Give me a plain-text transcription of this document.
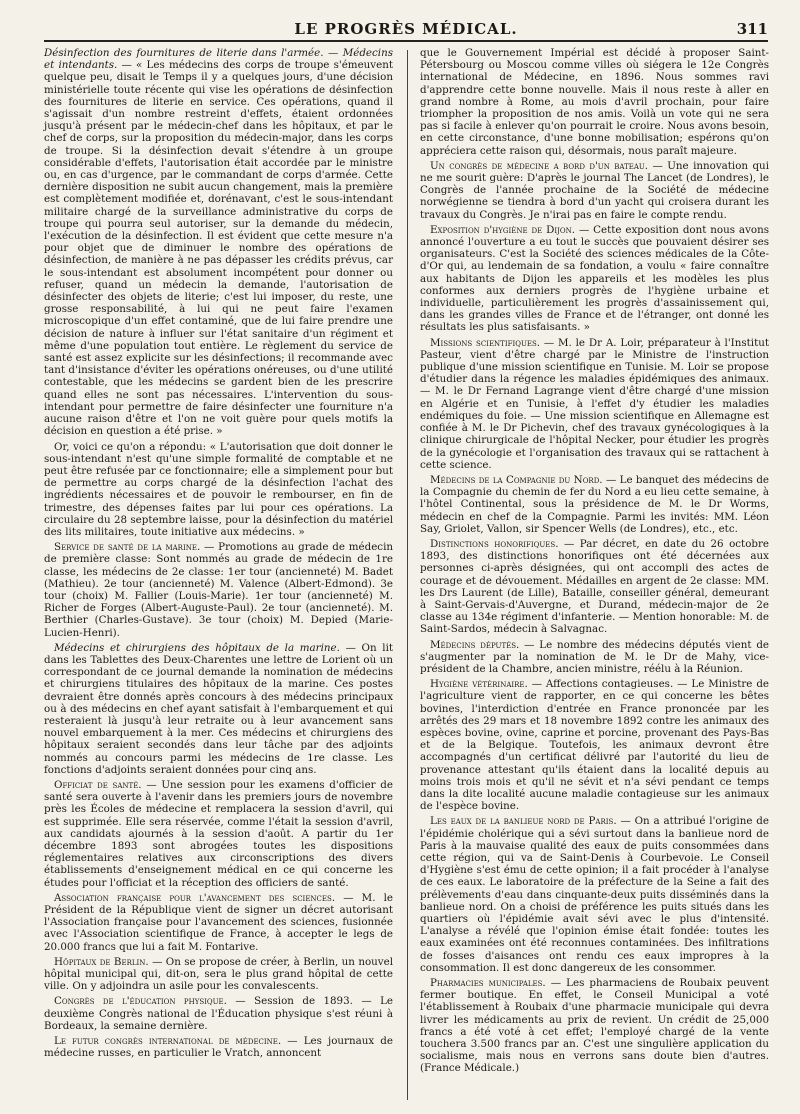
LE PROGRÈS MÉDICAL.	311

Désinfection des fournitures de literie dans l'armée. — Médecins et intendants. — « Les médecins des corps de troupe s'émeuvent quelque peu, disait le Temps il y a quelques jours, d'une décision ministérielle toute récente qui vise les opérations de désinfection des fournitures de literie en service. Ces opérations, quand il s'agissait d'un nombre restreint d'effets, étaient ordonnées jusqu'à présent par le médecin-chef dans les hôpitaux, et par le chef de corps, sur la proposition du médecin-major, dans les corps de troupe. Si la désinfection devait s'étendre à un groupe considérable d'effets, l'autorisation était accordée par le ministre ou, en cas d'urgence, par le commandant de corps d'armée. Cette dernière disposition ne subit aucun changement, mais la première est complètement modifiée et, dorénavant, c'est le sous-intendant militaire chargé de la surveillance administrative du corps de troupe qui pourra seul autoriser, sur la demande du médecin, l'exécution de la désinfection. Il est évident que cette mesure n'a pour objet que de diminuer le nombre des opérations de désinfection, de manière à ne pas dépasser les crédits prévus, car le sous-intendant est absolument incompétent pour donner ou refuser, quand un médecin la demande, l'autorisation de désinfecter des objets de literie; c'est lui imposer, du reste, une grosse responsabilité, à lui qui ne peut faire l'examen microscopique d'un effet contaminé, que de lui faire prendre une décision de nature à influer sur l'état sanitaire d'un régiment et même d'une population tout entière. Le règlement du service de santé est assez explicite sur les désinfections; il recommande avec tant d'insistance d'éviter les opérations onéreuses, ou d'une utilité contestable, que les médecins se gardent bien de les prescrire quand elles ne sont pas nécessaires. L'intervention du sous-intendant pour permettre de faire désinfecter une fourniture n'a aucune raison d'être et l'on ne voit guère pour quels motifs la décision en question a été prise. »

Or, voici ce qu'on a répondu: « L'autorisation que doit donner le sous-intendant n'est qu'une simple formalité de comptable et ne peut être refusée par ce fonctionnaire; elle a simplement pour but de permettre au corps chargé de la désinfection l'achat des ingrédients nécessaires et de pouvoir le rembourser, en fin de trimestre, des dépenses faites par lui pour ces opérations. La circulaire du 28 septembre laisse, pour la désinfection du matériel des lits militaires, toute initiative aux médecins. »

Service de santé de la marine. — Promotions au grade de médecin de première classe: Sont nommés au grade de médecin de 1re classe, les médecins de 2e classe: 1er tour (ancienneté) M. Badet (Mathieu). 2e tour (ancienneté) M. Valence (Albert-Edmond). 3e tour (choix) M. Fallier (Louis-Marie). 1er tour (ancienneté) M. Richer de Forges (Albert-Auguste-Paul). 2e tour (ancienneté). M. Berthier (Charles-Gustave). 3e tour (choix) M. Depied (Marie-Lucien-Henri).

Médecins et chirurgiens des hôpitaux de la marine. — On lit dans les Tablettes des Deux-Charentes une lettre de Lorient où un correspondant de ce journal demande la nomination de médecins et chirurgiens titulaires des hôpitaux de la marine. Ces postes devraient être donnés après concours à des médecins principaux ou à des médecins en chef ayant satisfait à l'embarquement et qui resteraient là jusqu'à leur retraite ou à leur avancement sans nouvel embarquement à la mer. Ces médecins et chirurgiens des hôpitaux seraient secondés dans leur tâche par des adjoints nommés au concours parmi les médecins de 1re classe. Les fonctions d'adjoints seraient données pour cinq ans.

Officiat de santé. — Une session pour les examens d'officier de santé sera ouverte à l'avenir dans les premiers jours de novembre près les Écoles de médecine et remplacera la session d'avril, qui est supprimée. Elle sera réservée, comme l'était la session d'avril, aux candidats ajournés à la session d'août. A partir du 1er décembre 1893 sont abrogées toutes les dispositions réglementaires relatives aux circonscriptions des divers établissements d'enseignement médical en ce qui concerne les études pour l'officiat et la réception des officiers de santé.

Association française pour l'avancement des sciences. — M. le Président de la République vient de signer un décret autorisant l'Association française pour l'avancement des sciences, fusionnée avec l'Association scientifique de France, à accepter le legs de 20.000 francs que lui a fait M. Fontarive.

Hôpitaux de Berlin. — On se propose de créer, à Berlin, un nouvel hôpital municipal qui, dit-on, sera le plus grand hôpital de cette ville. On y adjoindra un asile pour les convalescents.

Congrès de l'éducation physique. — Session de 1893. — Le deuxième Congrès national de l'Éducation physique s'est réuni à Bordeaux, la semaine dernière.

Le futur congrès international de médecine. — Les journaux de médecine russes, en particulier le Vratch, annoncent

que le Gouvernement Impérial est décidé à proposer Saint-Pétersbourg ou Moscou comme villes où siégera le 12e Congrès international de Médecine, en 1896. Nous sommes ravi d'apprendre cette bonne nouvelle. Mais il nous reste à aller en grand nombre à Rome, au mois d'avril prochain, pour faire triompher la proposition de nos amis. Voilà un vote qui ne sera pas si facile à enlever qu'on pourrait le croire. Nous avons besoin, en cette circonstance, d'une bonne mobilisation; espérons qu'on appréciera cette raison qui, désormais, nous paraît majeure.

Un congrès de médecine a bord d'un bateau. — Une innovation qui ne me sourit guère: D'après le journal The Lancet (de Londres), le Congrès de l'année prochaine de la Société de médecine norwégienne se tiendra à bord d'un yacht qui croisera durant les travaux du Congrès. Je n'irai pas en faire le compte rendu.

Exposition d'hygiène de Dijon. — Cette exposition dont nous avons annoncé l'ouverture a eu tout le succès que pouvaient désirer ses organisateurs. C'est la Société des sciences médicales de la Côte-d'Or qui, au lendemain de sa fondation, a voulu « faire connaître aux habitants de Dijon les appareils et les modèles les plus conformes aux derniers progrès de l'hygiène urbaine et individuelle, particulièrement les progrès d'assainissement qui, dans les grandes villes de France et de l'étranger, ont donné les résultats les plus satisfaisants. »

Missions scientifiques. — M. le Dr A. Loir, préparateur à l'Institut Pasteur, vient d'être chargé par le Ministre de l'instruction publique d'une mission scientifique en Tunisie. M. Loir se propose d'étudier dans la régence les maladies épidémiques des animaux. — M. le Dr Fernand Lagrange vient d'être chargé d'une mission en Algérie et en Tunisie, à l'effet d'y étudier les maladies endémiques du foie. — Une mission scientifique en Allemagne est confiée à M. le Dr Pichevin, chef des travaux gynécologiques à la clinique chirurgicale de l'hôpital Necker, pour étudier les progrès de la gynécologie et l'organisation des travaux qui se rattachent à cette science.

Médecins de la Compagnie du Nord. — Le banquet des médecins de la Compagnie du chemin de fer du Nord a eu lieu cette semaine, à l'hôtel Continental, sous la présidence de M. le Dr Worms, médecin en chef de la Compagnie. Parmi les invités: MM. Léon Say, Griolet, Vallon, sir Spencer Wells (de Londres), etc., etc.

Distinctions honorifiques. — Par décret, en date du 26 octobre 1893, des distinctions honorifiques ont été décernées aux personnes ci-après désignées, qui ont accompli des actes de courage et de dévouement. Médailles en argent de 2e classe: MM. les Drs Laurent (de Lille), Bataille, conseiller général, demeurant à Saint-Gervais-d'Auvergne, et Durand, médecin-major de 2e classe au 134e régiment d'infanterie. — Mention honorable: M. de Saint-Sardos, médecin à Salvagnac.

Médecins députés. — Le nombre des médecins députés vient de s'augmenter par la nomination de M. le Dr de Mahy, vice-président de la Chambre, ancien ministre, réélu à la Réunion.

Hygiène vétérinaire. — Affections contagieuses. — Le Ministre de l'agriculture vient de rapporter, en ce qui concerne les bêtes bovines, l'interdiction d'entrée en France prononcée par les arrêtés des 29 mars et 18 novembre 1892 contre les animaux des espèces bovine, ovine, caprine et porcine, provenant des Pays-Bas et de la Belgique. Toutefois, les animaux devront être accompagnés d'un certificat délivré par l'autorité du lieu de provenance attestant qu'ils étaient dans la localité depuis au moins trois mois et qu'il ne sévit et n'a sévi pendant ce temps dans la dite localité aucune maladie contagieuse sur les animaux de l'espèce bovine.

Les eaux de la banlieue nord de Paris. — On a attribué l'origine de l'épidémie cholérique qui a sévi surtout dans la banlieue nord de Paris à la mauvaise qualité des eaux de puits consommées dans cette région, qui va de Saint-Denis à Courbevoie. Le Conseil d'Hygiène s'est ému de cette opinion; il a fait procéder à l'analyse de ces eaux. Le laboratoire de la préfecture de la Seine a fait des prélèvements d'eau dans cinquante-deux puits disséminés dans la banlieue nord. On a choisi de préférence les puits situés dans les quartiers où l'épidémie avait sévi avec le plus d'intensité. L'analyse a révélé que l'opinion émise était fondée: toutes les eaux examinées ont été reconnues contaminées. Des infiltrations de fosses d'aisances ont rendu ces eaux impropres à la consommation. Il est donc dangereux de les consommer.

Pharmacies municipales. — Les pharmaciens de Roubaix peuvent fermer boutique. En effet, le Conseil Municipal a voté l'établissement à Roubaix d'une pharmacie municipale qui devra livrer les médicaments au prix de revient. Un crédit de 25,000 francs a été voté à cet effet; l'employé chargé de la vente touchera 3.500 francs par an. C'est une singulière application du socialisme, mais nous en verrons sans doute bien d'autres. (France Médicale.)
